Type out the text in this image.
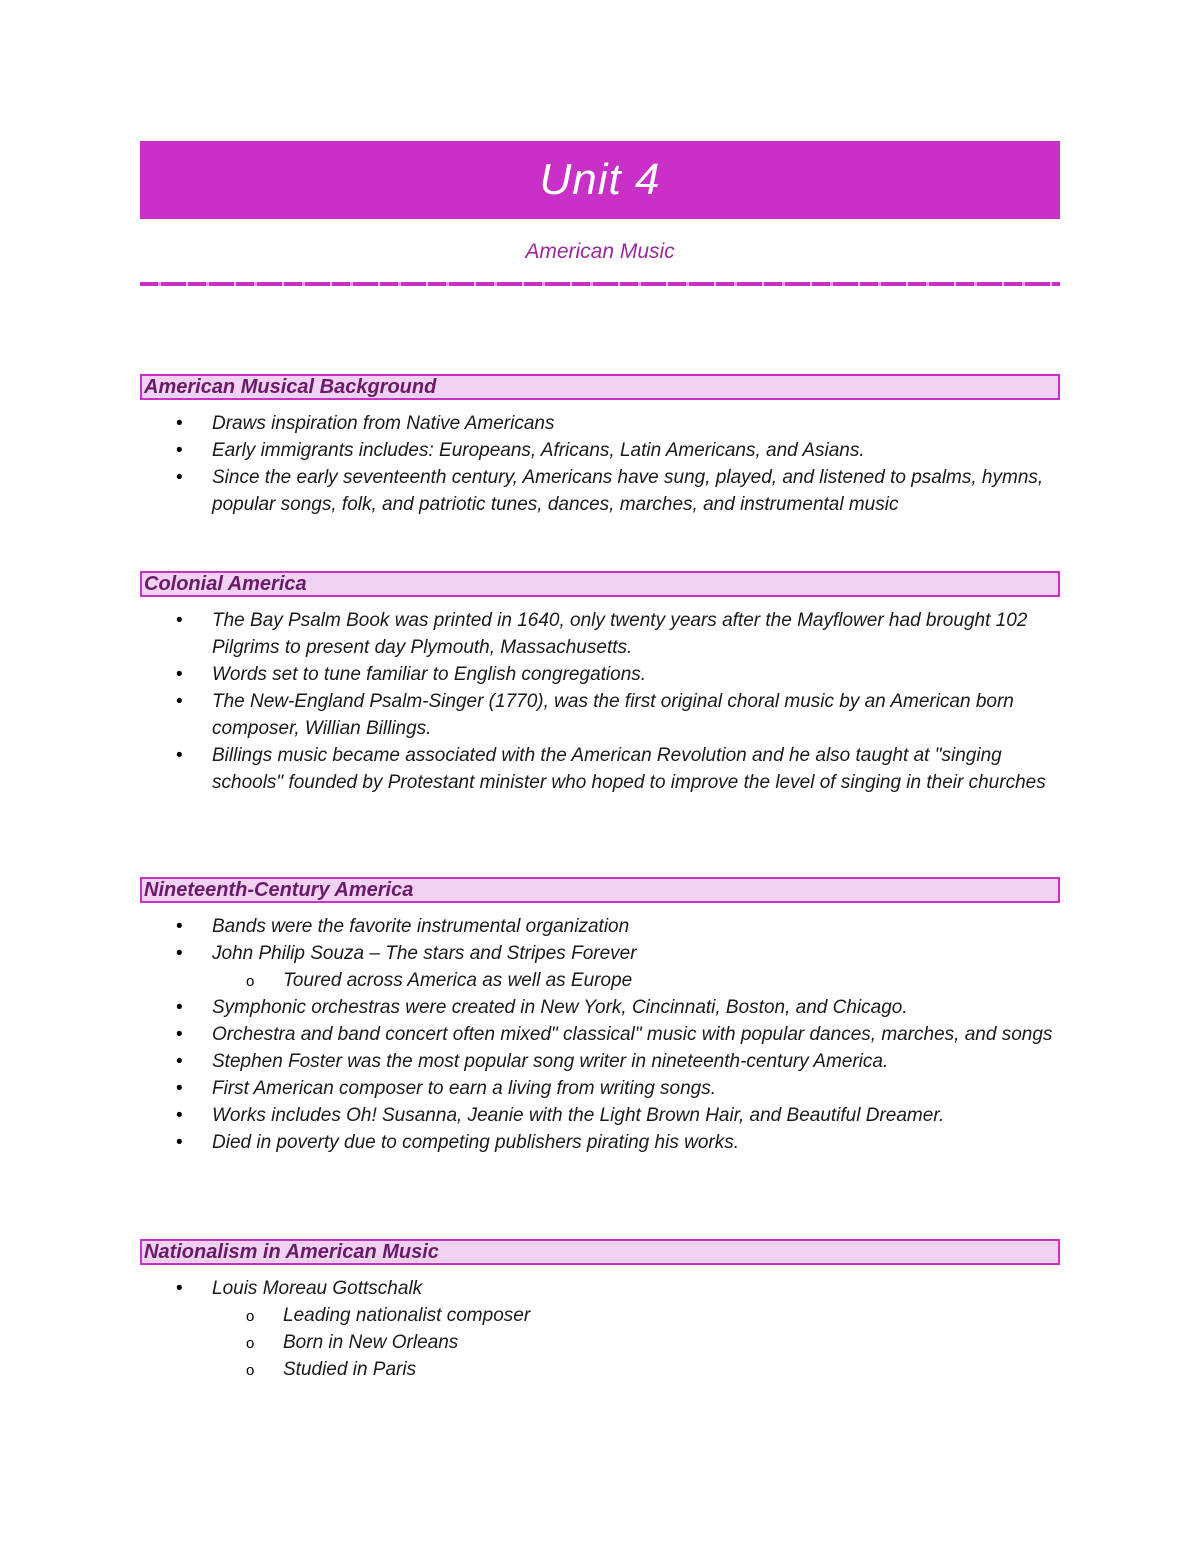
Unit 4
American Music
American Musical Background
• Draws inspiration from Native Americans
• Early immigrants includes: Europeans, Africans, Latin Americans, and Asians.
• Since the early seventeenth century, Americans have sung, played, and listened to psalms, hymns, popular songs, folk, and patriotic tunes, dances, marches, and instrumental music
Colonial America
• The Bay Psalm Book was printed in 1640, only twenty years after the Mayflower had brought 102 Pilgrims to present day Plymouth, Massachusetts.
• Words set to tune familiar to English congregations.
• The New-England Psalm-Singer (1770), was the first original choral music by an American born composer, Willian Billings.
• Billings music became associated with the American Revolution and he also taught at "singing schools" founded by Protestant minister who hoped to improve the level of singing in their churches
Nineteenth-Century America
• Bands were the favorite instrumental organization
• John Philip Souza – The stars and Stripes Forever
o Toured across America as well as Europe
• Symphonic orchestras were created in New York, Cincinnati, Boston, and Chicago.
• Orchestra and band concert often mixed" classical" music with popular dances, marches, and songs
• Stephen Foster was the most popular song writer in nineteenth-century America.
• First American composer to earn a living from writing songs.
• Works includes Oh! Susanna, Jeanie with the Light Brown Hair, and Beautiful Dreamer.
• Died in poverty due to competing publishers pirating his works.
Nationalism in American Music
• Louis Moreau Gottschalk
o Leading nationalist composer
o Born in New Orleans
o Studied in Paris
